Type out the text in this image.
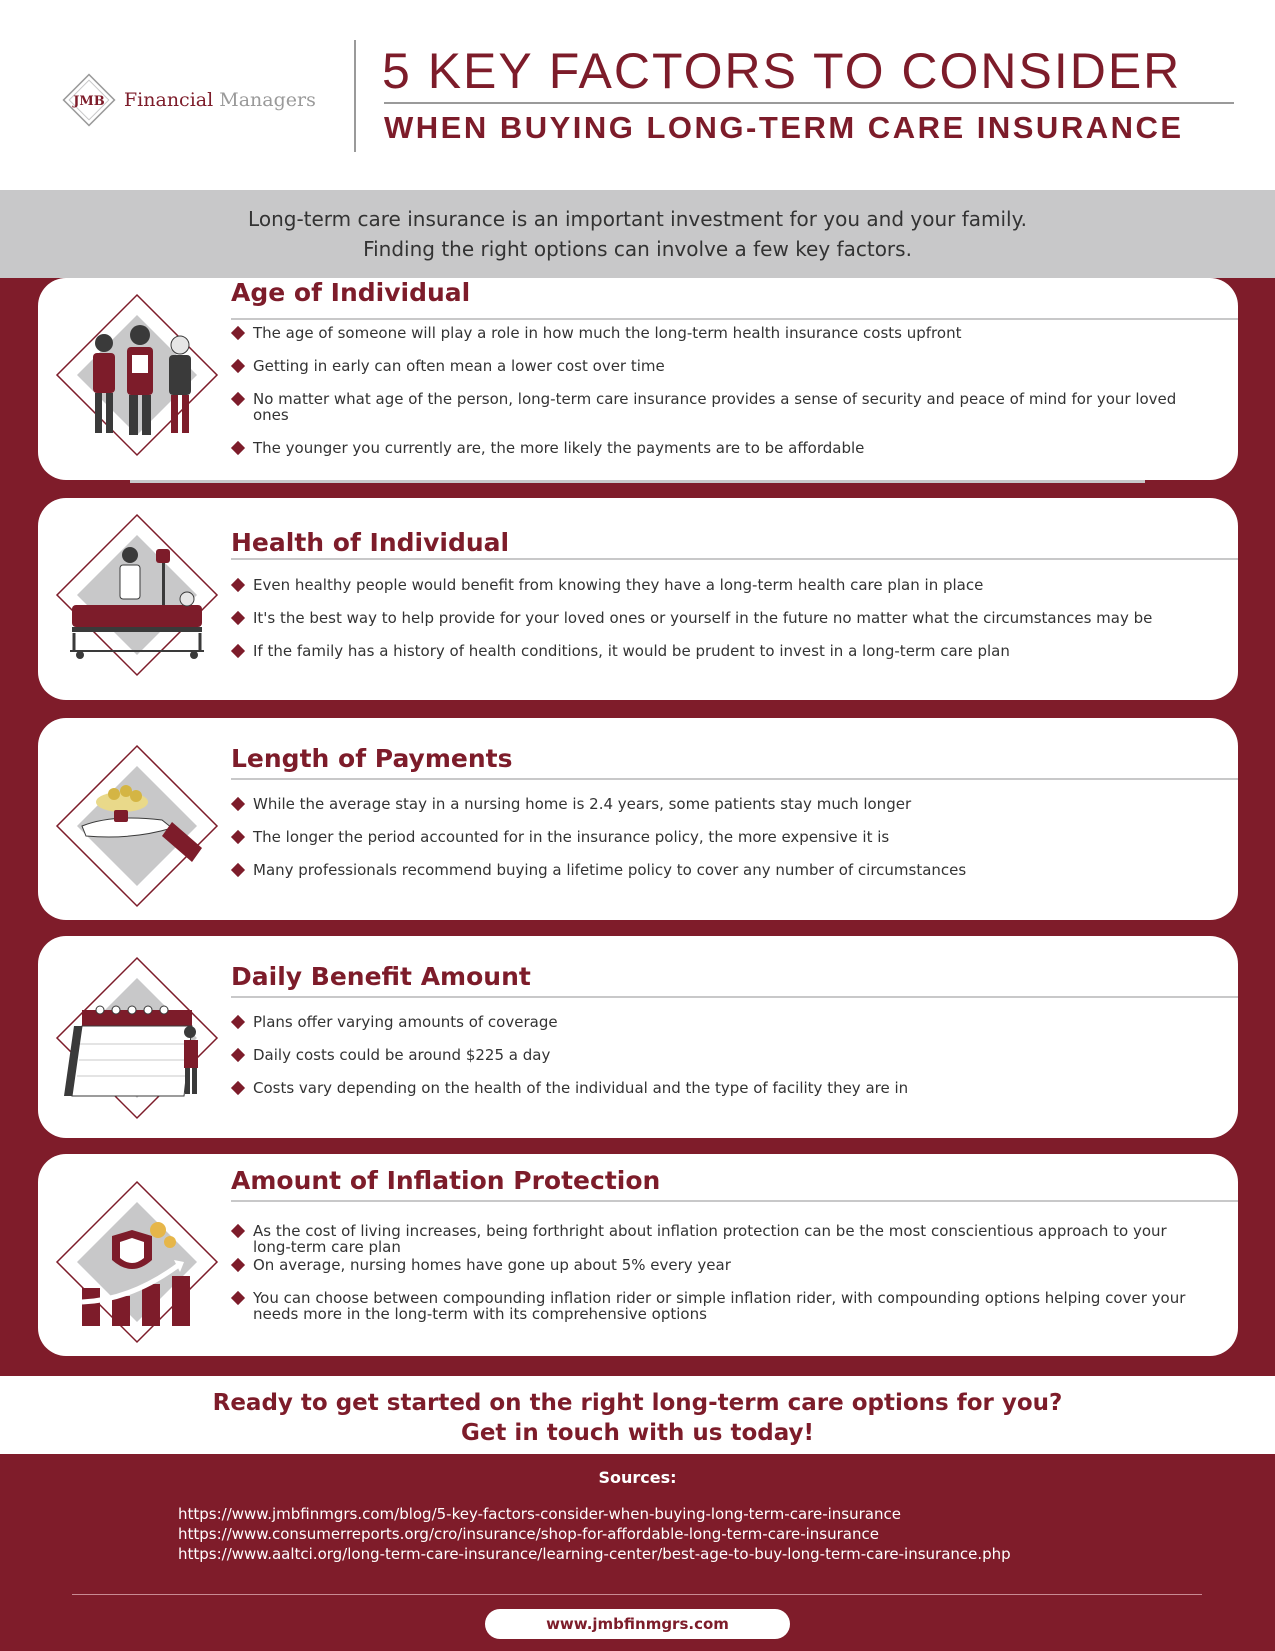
JMB Financial Managers
5 KEY FACTORS TO CONSIDER
WHEN BUYING LONG-TERM CARE INSURANCE

Long-term care insurance is an important investment for you and your family.

Finding the right options can involve a few key factors.

Age of Individual
The age of someone will play a role in how much the long-term health insurance costs upfront
Getting in early can often mean a lower cost over time
No matter what age of the person, long-term care insurance provides a sense of security and peace of mind for your loved ones
The younger you currently are, the more likely the payments are to be affordable
Health of Individual
Even healthy people would benefit from knowing they have a long-term health care plan in place
It's the best way to help provide for your loved ones or yourself in the future no matter what the circumstances may be
If the family has a history of health conditions, it would be prudent to invest in a long-term care plan
Length of Payments
While the average stay in a nursing home is 2.4 years, some patients stay much longer
The longer the period accounted for in the insurance policy, the more expensive it is
Many professionals recommend buying a lifetime policy to cover any number of circumstances
Daily Benefit Amount
Plans offer varying amounts of coverage
Daily costs could be around $225 a day
Costs vary depending on the health of the individual and the type of facility they are in
Amount of Inflation Protection
As the cost of living increases, being forthright about inflation protection can be the most conscientious approach to your long-term care plan
On average, nursing homes have gone up about 5% every year
You can choose between compounding inflation rider or simple inflation rider, with compounding options helping cover your needs more in the long-term with its comprehensive options

Ready to get started on the right long-term care options for you?

Get in touch with us today!

Sources:
https://www.jmbfinmgrs.com/blog/5-key-factors-consider-when-buying-long-term-care-insurance
https://www.consumerreports.org/cro/insurance/shop-for-affordable-long-term-care-insurance
https://www.aaltci.org/long-term-care-insurance/learning-center/best-age-to-buy-long-term-care-insurance.php
www.jmbfinmgrs.com
